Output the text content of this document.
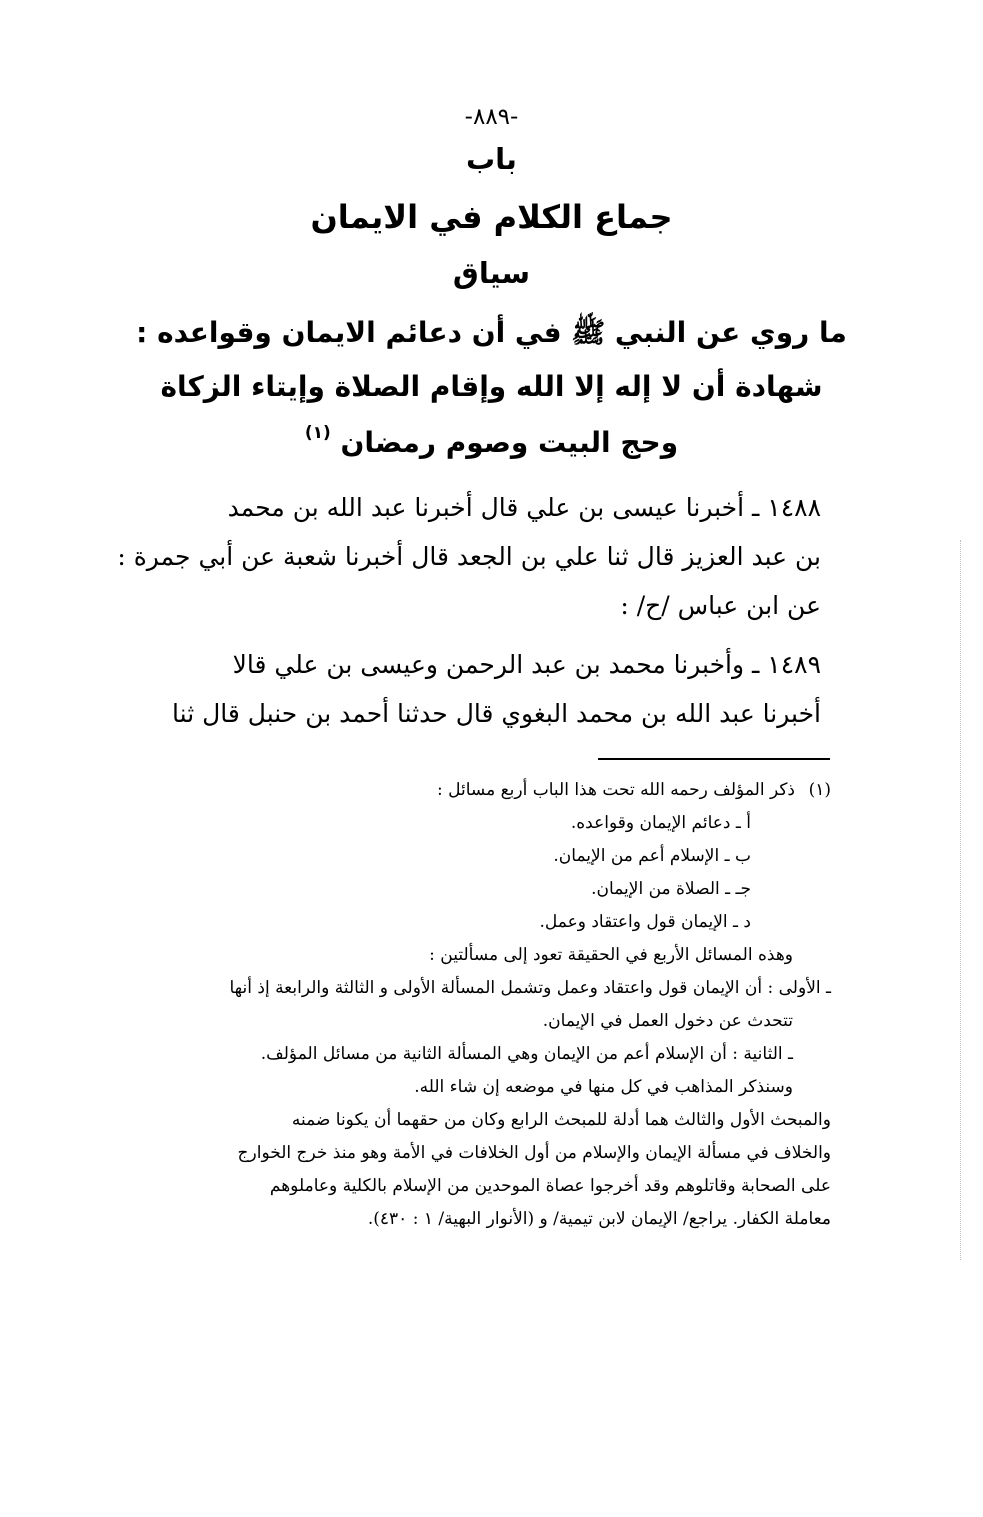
-٨٨٩-
باب
جماع الكلام في الايمان
سياق
ما روي عن النبي ﷺ في أن دعائم الايمان وقواعده :
شهادة أن لا إله إلا الله وإقام الصلاة وإيتاء الزكاة
وحج البيت وصوم رمضان $^{(١)}$
١٤٨٨ ـ أخبرنا عيسى بن علي قال أخبرنا عبد الله بن محمد
بن عبد العزيز قال ثنا علي بن الجعد قال أخبرنا شعبة عن أبي جمرة :
عن ابن عباس /ح/ :
١٤٨٩ ـ وأخبرنا محمد بن عبد الرحمن وعيسى بن علي قالا
أخبرنا عبد الله بن محمد البغوي قال حدثنا أحمد بن حنبل قال ثنا
(١)ذكر المؤلف رحمه الله تحت هذا الباب أربع مسائل :
أ ـ دعائم الإيمان وقواعده.
ب ـ الإسلام أعم من الإيمان.
جـ ـ الصلاة من الإيمان.
د ـ الإيمان قول واعتقاد وعمل.
وهذه المسائل الأربع في الحقيقة تعود إلى مسألتين :
ـ الأولى : أن الإيمان قول واعتقاد وعمل وتشمل المسألة الأولى و الثالثة والرابعة إذ أنها
تتحدث عن دخول العمل في الإيمان.
ـ الثانية : أن الإسلام أعم من الإيمان وهي المسألة الثانية من مسائل المؤلف.
وسنذكر المذاهب في كل منها في موضعه إن شاء الله.
والمبحث الأول والثالث هما أدلة للمبحث الرابع وكان من حقهما أن يكونا ضمنه
والخلاف في مسألة الإيمان والإسلام من أول الخلافات في الأمة وهو منذ خرج الخوارج
على الصحابة وقاتلوهم وقد أخرجوا عصاة الموحدين من الإسلام بالكلية وعاملوهم
معاملة الكفار. يراجع/ الإيمان لابن تيمية/ و (الأنوار البهية/ ١ : ٤٣٠).
